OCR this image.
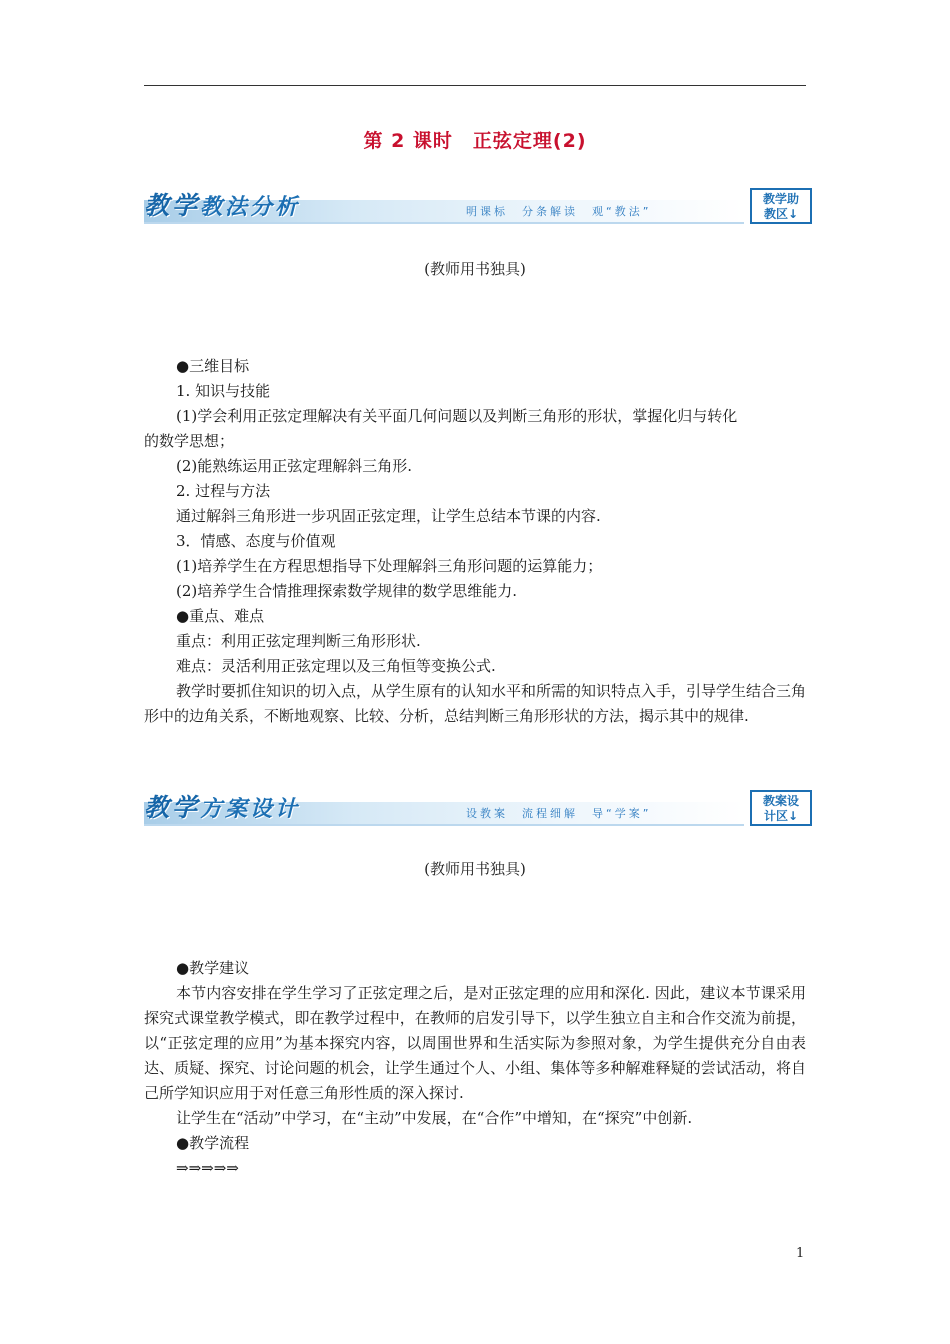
第 2 课时　正弦定理(2)
教学教法分析	明课标　分条解读　观“教法”
教学助
教区↓
(教师用书独具)

●三维目标

1. 知识与技能

(1)学会利用正弦定理解决有关平面几何问题以及判断三角形的形状，掌握化归与转化

的数学思想；

(2)能熟练运用正弦定理解斜三角形.

2. 过程与方法

通过解斜三角形进一步巩固正弦定理，让学生总结本节课的内容.

3．情感、态度与价值观

(1)培养学生在方程思想指导下处理解斜三角形问题的运算能力；

(2)培养学生合情推理探索数学规律的数学思维能力.

●重点、难点

重点：利用正弦定理判断三角形形状.

难点：灵活利用正弦定理以及三角恒等变换公式.

教学时要抓住知识的切入点，从学生原有的认知水平和所需的知识特点入手，引导学生结合三角形中的边角关系，不断地观察、比较、分析，总结判断三角形形状的方法，揭示其中的规律.

教学方案设计	设教案　流程细解　导“学案”
教案设
计区↓
(教师用书独具)

●教学建议

本节内容安排在学生学习了正弦定理之后，是对正弦定理的应用和深化. 因此，建议本节课采用探究式课堂教学模式，即在教学过程中，在教师的启发引导下，以学生独立自主和合作交流为前提，以“正弦定理的应用”为基本探究内容，以周围世界和生活实际为参照对象，为学生提供充分自由表达、质疑、探究、讨论问题的机会，让学生通过个人、小组、集体等多种解难释疑的尝试活动，将自己所学知识应用于对任意三角形性质的深入探讨.

让学生在“活动”中学习，在“主动”中发展，在“合作”中增知，在“探究”中创新.

●教学流程

⇒⇒⇒⇒⇒

1
